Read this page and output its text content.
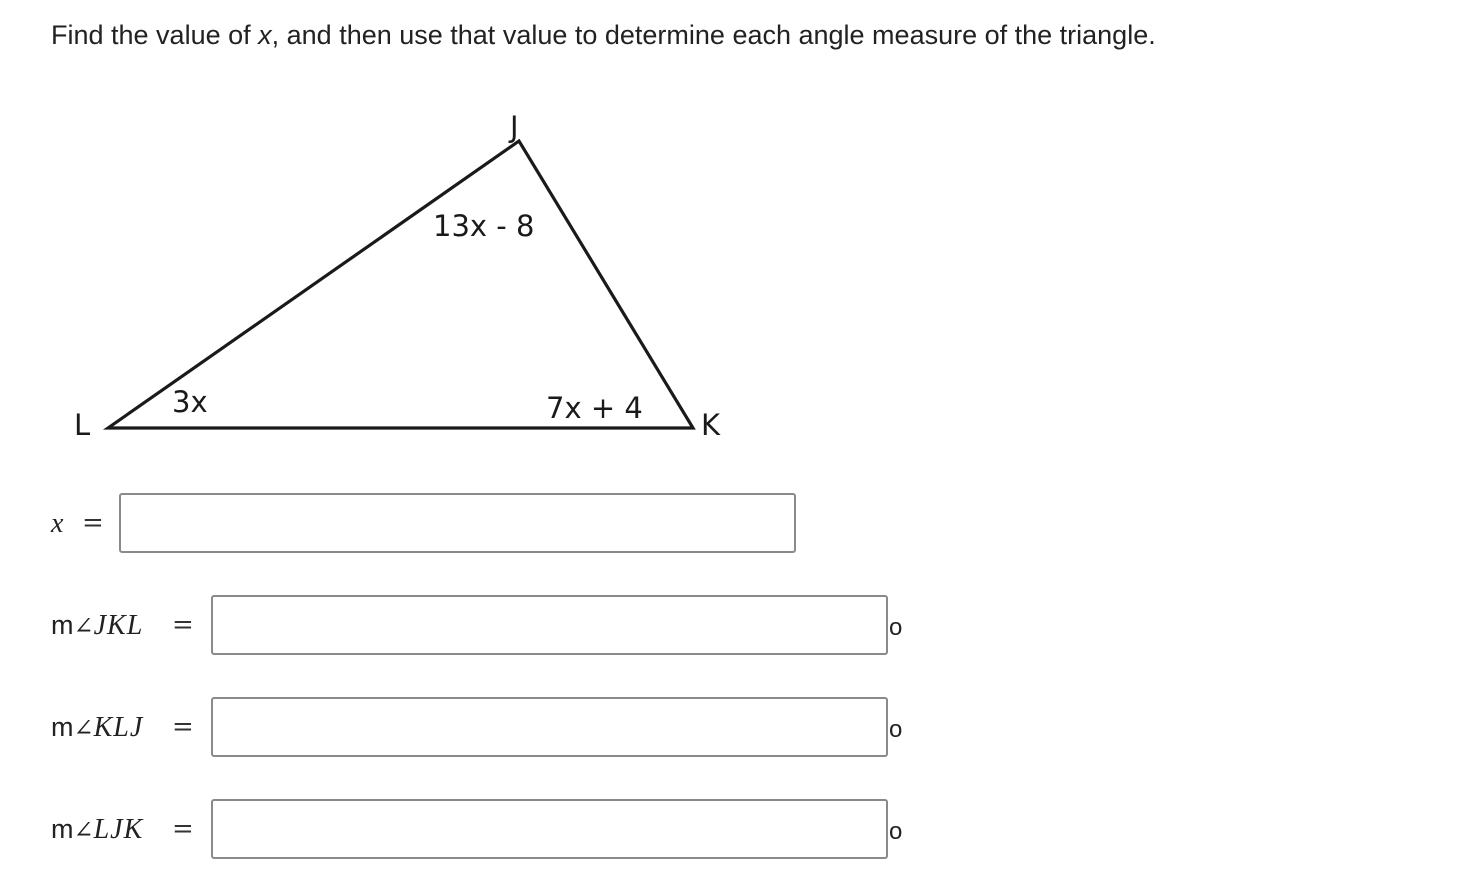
Find the value of x, and then use that value to determine each angle measure of the triangle.
J
K
L
13x - 8
7x + 4
3x
x =
m∠JKL =	o
m∠KLJ =	o
m∠LJK =	o
